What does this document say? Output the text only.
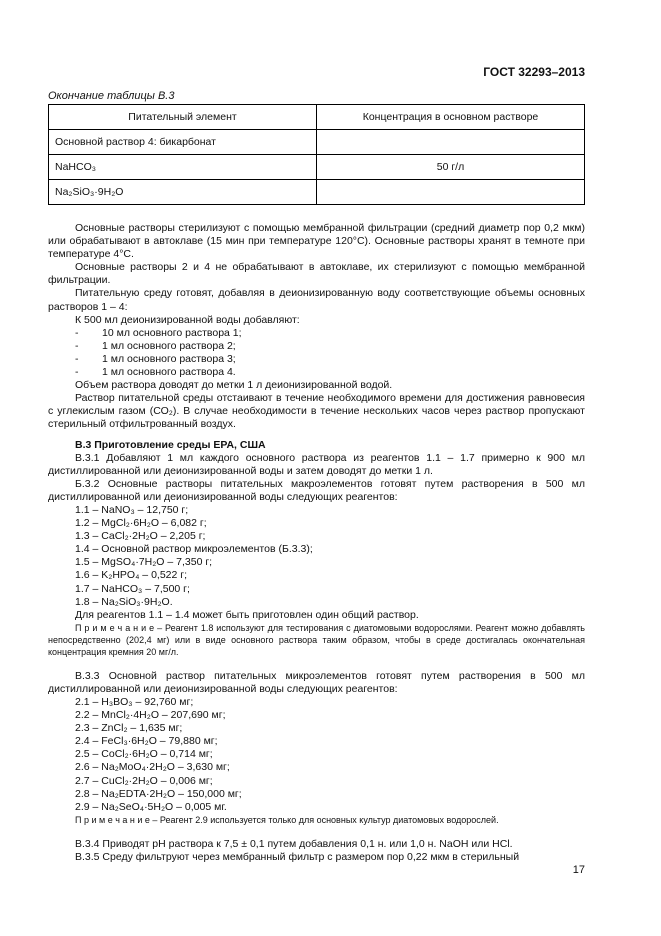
ГОСТ 32293–2013
Окончание таблицы В.3
Питательный элемент	Концентрация в основном растворе
Основной раствор 4: бикарбонат	
NaHCO₃	50 г/л
Na₂SiO₃·9H₂O	

Основные растворы стерилизуют с помощью мембранной фильтрации (средний диаметр пор 0,2 мкм) или обрабатывают в автоклаве (15 мин при температуре 120°С). Основные растворы хранят в темноте при температуре 4°С.

Основные растворы 2 и 4 не обрабатывают в автоклаве, их стерилизуют с помощью мембранной фильтрации.

Питательную среду готовят, добавляя в деионизированную воду соответствующие объемы основных растворов 1 – 4:

К 500 мл деионизированной воды добавляют:

-	10 мл основного раствора 1;
-	1 мл основного раствора 2;
-	1 мл основного раствора 3;
-	1 мл основного раствора 4.

Объем раствора доводят до метки 1 л деионизированной водой.

Раствор питательной среды отстаивают в течение необходимого времени для достижения равновесия с углекислым газом (СО₂). В случае необходимости в течение нескольких часов через раствор пропускают стерильный отфильтрованный воздух.

В.3 Приготовление среды ЕРА, США

В.3.1 Добавляют 1 мл каждого основного раствора из реагентов 1.1 – 1.7 примерно к 900 мл дистиллированной или деионизированной воды и затем доводят до метки 1 л.

Б.3.2 Основные растворы питательных макроэлементов готовят путем растворения в 500 мл дистиллированной или деионизированной воды следующих реагентов:

1.1 – NaNO₃ – 12,750 г;

1.2 – MgCl₂·6H₂O – 6,082 г;

1.3 – CaCl₂·2H₂O – 2,205 г;

1.4 – Основной раствор микроэлементов (Б.3.3);

1.5 – MgSO₄·7H₂O – 7,350 г;

1.6 – K₂HPO₄ – 0,522 г;

1.7 – NaHCO₃ – 7,500 г;

1.8 – Na₂SiO₃·9H₂O.

Для реагентов 1.1 – 1.4 может быть приготовлен один общий раствор.

П р и м е ч а н и е – Реагент 1.8 используют для тестирования с диатомовыми водорослями. Реагент можно добавлять непосредственно (202,4 мг) или в виде основного раствора таким образом, чтобы в среде достигалась окончательная концентрация кремния 20 мг/л.

В.3.3 Основной раствор питательных микроэлементов готовят путем растворения в 500 мл дистиллированной или деионизированной воды следующих реагентов:

2.1 – H₃BO₃ – 92,760 мг;

2.2 – MnCl₂·4H₂O – 207,690 мг;

2.3 – ZnCl₂ – 1,635 мг;

2.4 – FeCl₃·6H₂O – 79,880 мг;

2.5 – CoCl₂·6H₂O – 0,714 мг;

2.6 – Na₂MoO₄·2H₂O – 3,630 мг;

2.7 – CuCl₂·2H₂O – 0,006 мг;

2.8 – Na₂EDTA·2H₂O – 150,000 мг;

2.9 – Na₂SeO₄·5H₂O – 0,005 мг.

П р и м е ч а н и е – Реагент 2.9 используется только для основных культур диатомовых водорослей.

В.3.4 Приводят рН раствора к 7,5 ± 0,1 путем добавления 0,1 н. или 1,0 н. NaOH или HCl.

В.3.5 Среду фильтруют через мембранный фильтр с размером пор 0,22 мкм в стерильный

17
